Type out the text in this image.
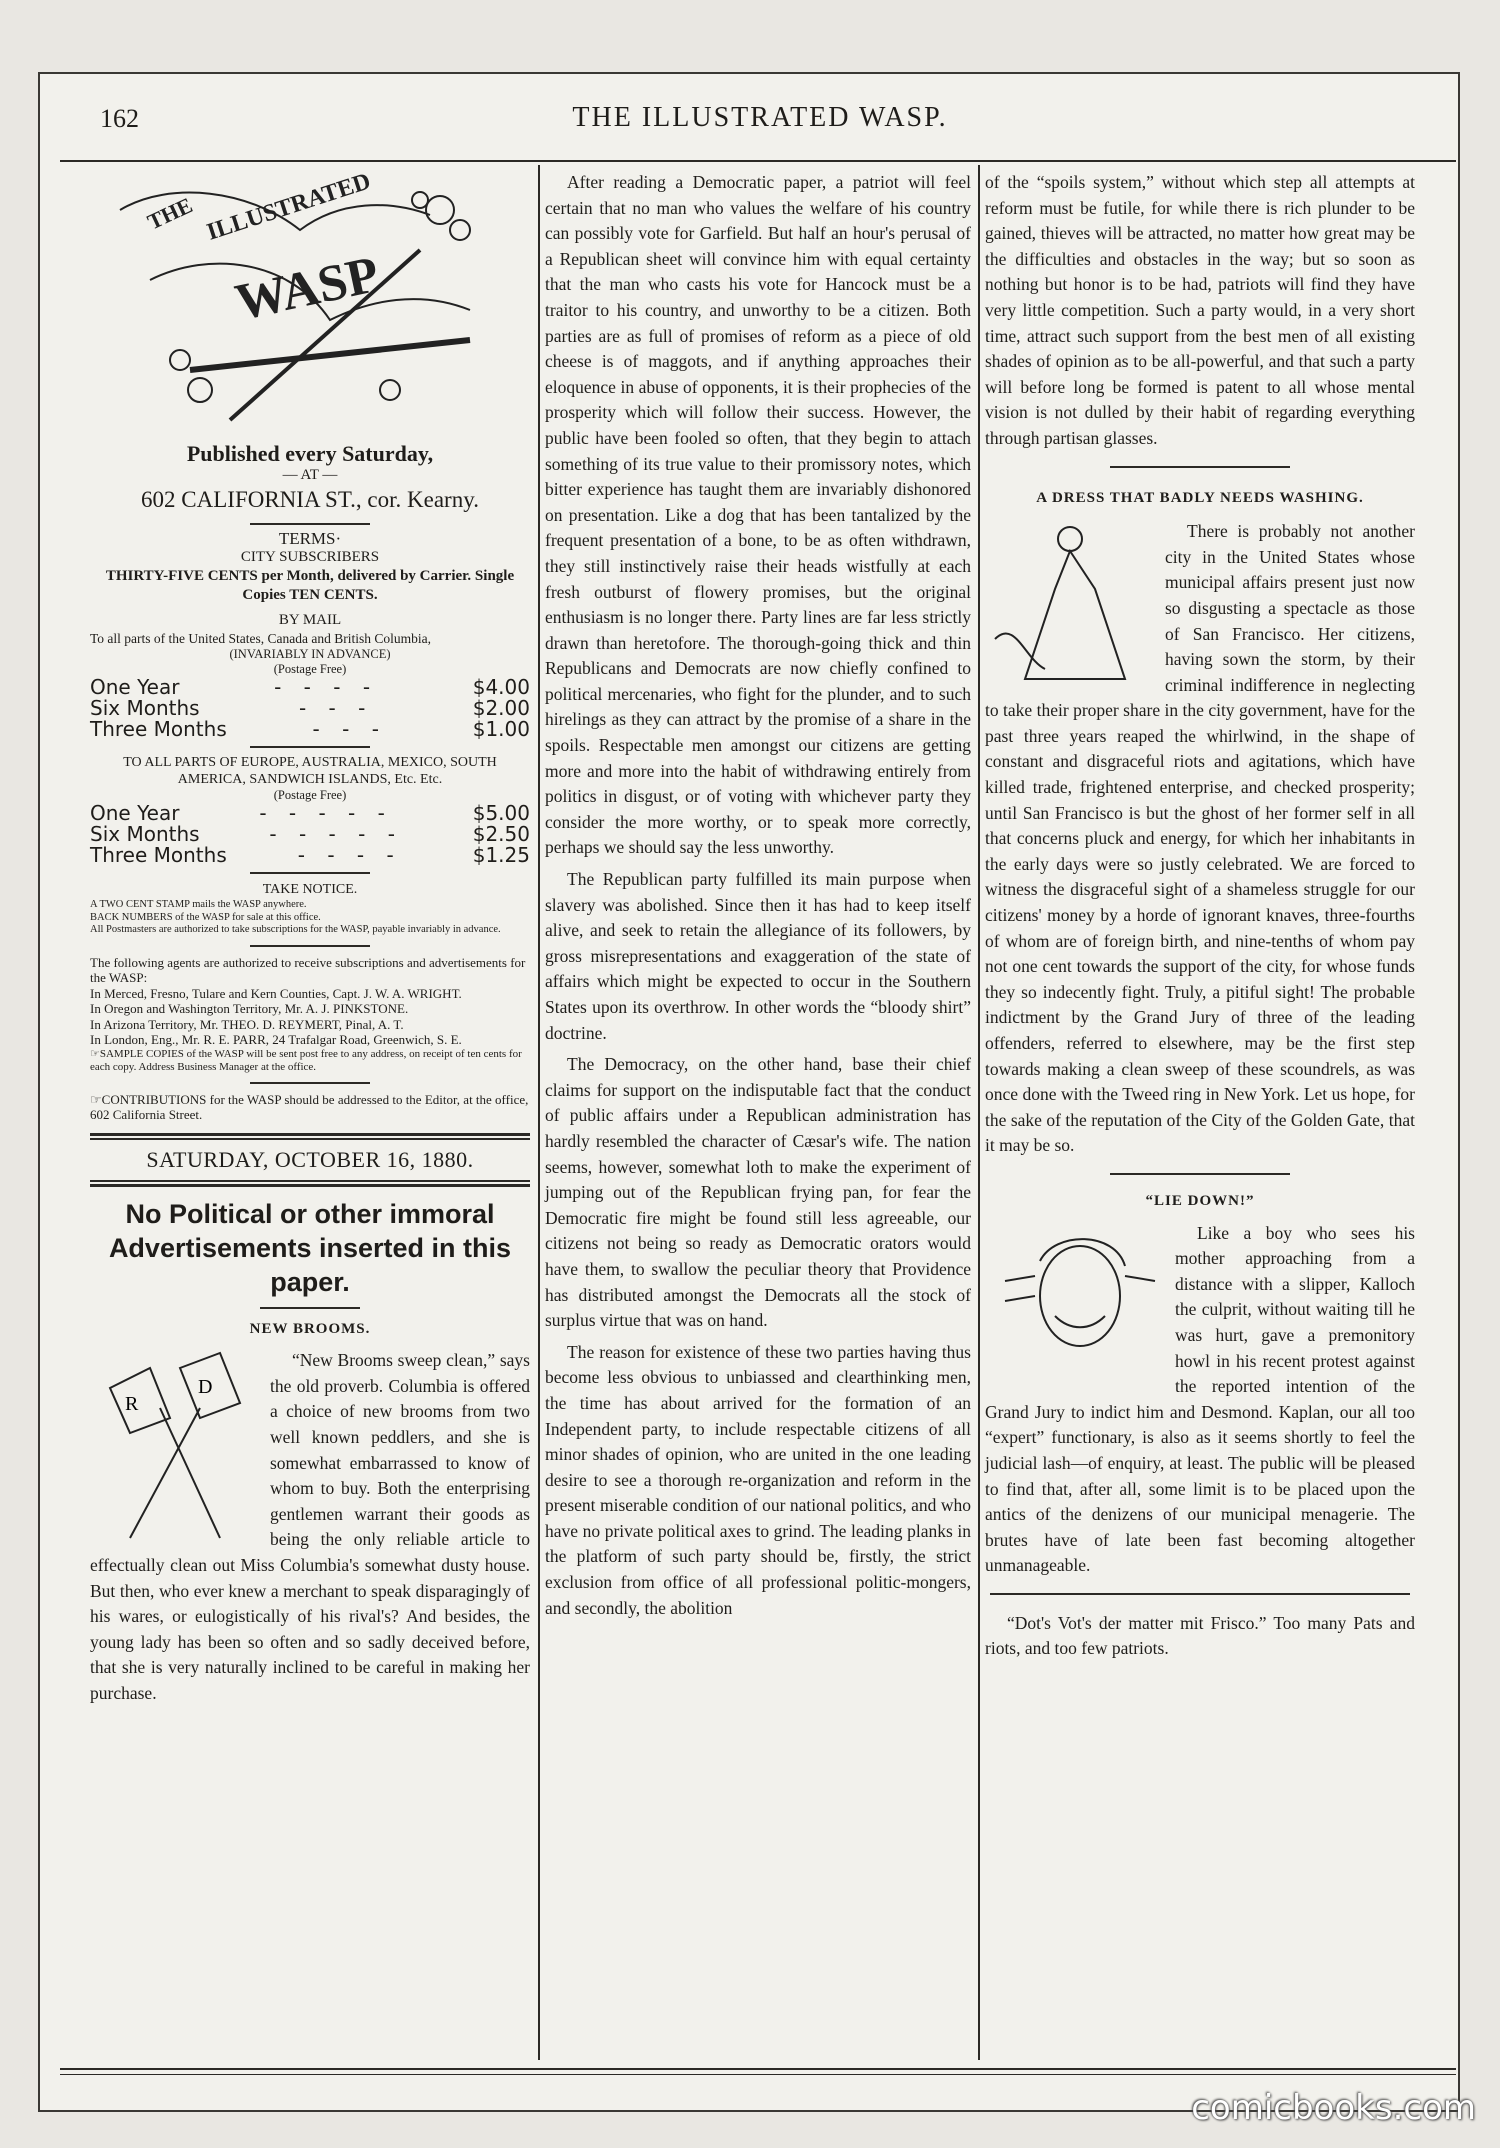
162	THE ILLUSTRATED WASP.
THE ILLUSTRATED
WASP
Published every Saturday,
— AT —
602 CALIFORNIA ST., cor. Kearny.
TERMS·
CITY SUBSCRIBERS
THIRTY-FIVE CENTS per Month, delivered by Carrier. Single Copies TEN CENTS.
BY MAIL
To all parts of the United States, Canada and British Columbia,
(INVARIABLY IN ADVANCE)
(Postage Free)
One Year	- - - -	$4.00
Six Months	- - -	$2.00
Three Months	- - -	$1.00
TO ALL PARTS OF EUROPE, AUSTRALIA, MEXICO, SOUTH AMERICA, SANDWICH ISLANDS, Etc. Etc.
(Postage Free)
One Year	- - - - -	$5.00
Six Months	- - - - -	$2.50
Three Months	- - - -	$1.25
TAKE NOTICE.
A TWO CENT STAMP mails the WASP anywhere.
BACK NUMBERS of the WASP for sale at this office.
All Postmasters are authorized to take subscriptions for the WASP, payable invariably in advance.
The following agents are authorized to receive subscriptions and advertisements for the WASP:
In Merced, Fresno, Tulare and Kern Counties, Capt. J. W. A. WRIGHT.
In Oregon and Washington Territory, Mr. A. J. PINKSTONE.
In Arizona Territory, Mr. THEO. D. REYMERT, Pinal, A. T.
In London, Eng., Mr. R. E. PARR, 24 Trafalgar Road, Greenwich, S. E.
☞SAMPLE COPIES of the WASP will be sent post free to any address, on receipt of ten cents for each copy. Address Business Manager at the office.
☞CONTRIBUTIONS for the WASP should be addressed to the Editor, at the office, 602 California Street.
SATURDAY, OCTOBER 16, 1880.
No Political or other immoral Advertisements inserted in this paper.
NEW BROOMS.
R
D
“New Brooms sweep clean,” says the old proverb. Columbia is offered a choice of new brooms from two well known peddlers, and she is somewhat embarrassed to know of whom to buy. Both the enterprising gentlemen warrant their goods as being the only reliable article to effectually clean out Miss Columbia's somewhat dusty house. But then, who ever knew a merchant to speak disparagingly of his wares, or eulogistically of his rival's? And besides, the young lady has been so often and so sadly deceived before, that she is very naturally inclined to be careful in making her purchase.

After reading a Democratic paper, a patriot will feel certain that no man who values the welfare of his country can possibly vote for Garfield. But half an hour's perusal of a Republican sheet will convince him with equal certainty that the man who casts his vote for Hancock must be a traitor to his country, and unworthy to be a citizen. Both parties are as full of promises of reform as a piece of old cheese is of maggots, and if anything approaches their eloquence in abuse of opponents, it is their prophecies of the prosperity which will follow their success. However, the public have been fooled so often, that they begin to attach something of its true value to their promissory notes, which bitter experience has taught them are invariably dishonored on presentation. Like a dog that has been tantalized by the frequent presentation of a bone, to be as often withdrawn, they still instinctively raise their heads wistfully at each fresh outburst of flowery promises, but the original enthusiasm is no longer there. Party lines are far less strictly drawn than heretofore. The thorough-going thick and thin Republicans and Democrats are now chiefly confined to political mercenaries, who fight for the plunder, and to such hirelings as they can attract by the promise of a share in the spoils. Respectable men amongst our citizens are getting more and more into the habit of withdrawing entirely from politics in disgust, or of voting with whichever party they consider the more worthy, or to speak more correctly, perhaps we should say the less unworthy.

The Republican party fulfilled its main purpose when slavery was abolished. Since then it has had to keep itself alive, and seek to retain the allegiance of its followers, by gross misrepresentations and exaggeration of the state of affairs which might be expected to occur in the Southern States upon its overthrow. In other words the “bloody shirt” doctrine.

The Democracy, on the other hand, base their chief claims for support on the indisputable fact that the conduct of public affairs under a Republican administration has hardly resembled the character of Cæsar's wife. The nation seems, however, somewhat loth to make the experiment of jumping out of the Republican frying pan, for fear the Democratic fire might be found still less agreeable, our citizens not being so ready as Democratic orators would have them, to swallow the peculiar theory that Providence has distributed amongst the Democrats all the stock of surplus virtue that was on hand.

The reason for existence of these two parties having thus become less obvious to unbiassed and clearthinking men, the time has about arrived for the formation of an Independent party, to include respectable citizens of all minor shades of opinion, who are united in the one leading desire to see a thorough re-organization and reform in the present miserable condition of our national politics, and who have no private political axes to grind. The leading planks in the platform of such party should be, firstly, the strict exclusion from office of all professional politic-mongers, and secondly, the abolition

of the “spoils system,” without which step all attempts at reform must be futile, for while there is rich plunder to be gained, thieves will be attracted, no matter how great may be the difficulties and obstacles in the way; but so soon as nothing but honor is to be had, patriots will find they have very little competition. Such a party would, in a very short time, attract such support from the best men of all existing shades of opinion as to be all-powerful, and that such a party will before long be formed is patent to all whose mental vision is not dulled by their habit of regarding everything through partisan glasses.

A DRESS THAT BADLY NEEDS WASHING.
There is probably not another city in the United States whose municipal affairs present just now so disgusting a spectacle as those of San Francisco. Her citizens, having sown the storm, by their criminal indifference in neglecting to take their proper share in the city government, have for the past three years reaped the whirlwind, in the shape of constant and disgraceful riots and agitations, which have killed trade, frightened enterprise, and checked prosperity; until San Francisco is but the ghost of her former self in all that concerns pluck and energy, for which her inhabitants in the early days were so justly celebrated. We are forced to witness the disgraceful sight of a shameless struggle for our citizens' money by a horde of ignorant knaves, three-fourths of whom are of foreign birth, and nine-tenths of whom pay not one cent towards the support of the city, for whose funds they so indecently fight. Truly, a pitiful sight! The probable indictment by the Grand Jury of three of the leading offenders, referred to elsewhere, may be the first step towards making a clean sweep of these scoundrels, as was once done with the Tweed ring in New York. Let us hope, for the sake of the reputation of the City of the Golden Gate, that it may be so.
“LIE DOWN!”
Like a boy who sees his mother approaching from a distance with a slipper, Kalloch the culprit, without waiting till he was hurt, gave a premonitory howl in his recent protest against the reported intention of the Grand Jury to indict him and Desmond. Kaplan, our all too “expert” functionary, is also as it seems shortly to feel the judicial lash—of enquiry, at least. The public will be pleased to find that, after all, some limit is to be placed upon the antics of the denizens of our municipal menagerie. The brutes have of late been fast becoming altogether unmanageable.
“Dot's Vot's der matter mit Frisco.” Too many Pats and riots, and too few patriots.
comicbooks.com
